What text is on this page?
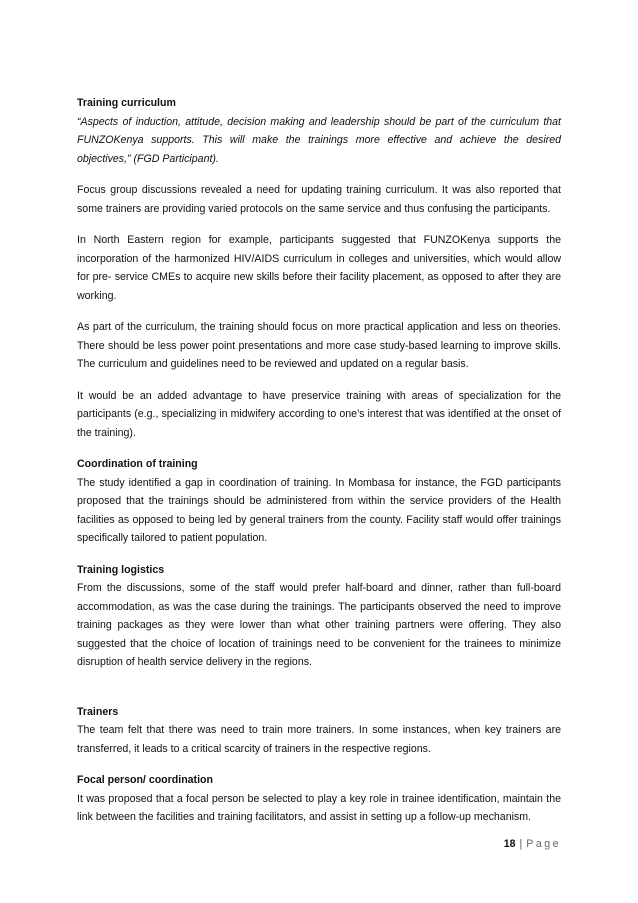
Training curriculum

“Aspects of induction, attitude, decision making and leadership should be part of the curriculum that FUNZOKenya supports. This will make the trainings more effective and achieve the desired objectives,” (FGD Participant).

Focus group discussions revealed a need for updating training curriculum. It was also reported that some trainers are providing varied protocols on the same service and thus confusing the participants.

In North Eastern region for example, participants suggested that FUNZOKenya supports the incorporation of the harmonized HIV/AIDS curriculum in colleges and universities, which would allow for pre- service CMEs to acquire new skills before their facility placement, as opposed to after they are working.

As part of the curriculum, the training should focus on more practical application and less on theories. There should be less power point presentations and more case study-based learning to improve skills. The curriculum and guidelines need to be reviewed and updated on a regular basis.

It would be an added advantage to have preservice training with areas of specialization for the participants (e.g., specializing in midwifery according to one’s interest that was identified at the onset of the training).

Coordination of training

The study identified a gap in coordination of training. In Mombasa for instance, the FGD participants proposed that the trainings should be administered from within the service providers of the Health facilities as opposed to being led by general trainers from the county. Facility staff would offer trainings specifically tailored to patient population.

Training logistics

From the discussions, some of the staff would prefer half-board and dinner, rather than full-board accommodation, as was the case during the trainings. The participants observed the need to improve training packages as they were lower than what other training partners were offering. They also suggested that the choice of location of trainings need to be convenient for the trainees to minimize disruption of health service delivery in the regions.

Trainers

The team felt that there was need to train more trainers. In some instances, when key trainers are transferred, it leads to a critical scarcity of trainers in the respective regions.

Focal person/ coordination

It was proposed that a focal person be selected to play a key role in trainee identification, maintain the link between the facilities and training facilitators, and assist in setting up a follow-up mechanism.

18 | Page
